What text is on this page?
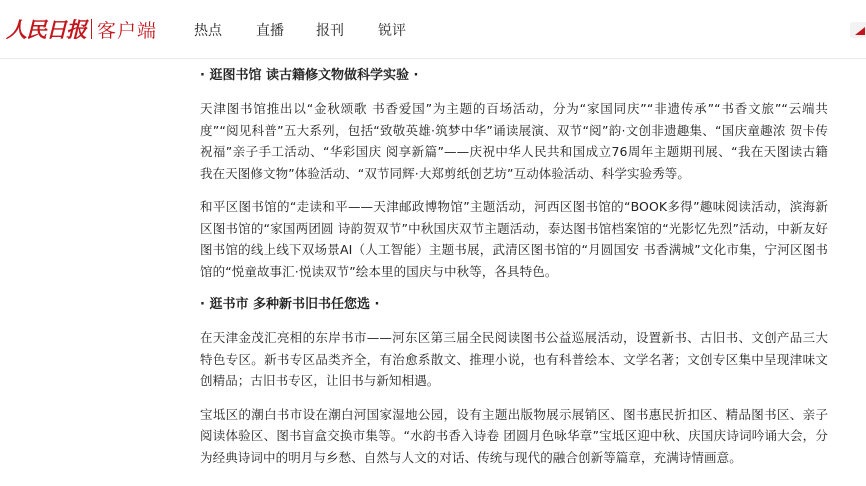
人民日报 客户端	热点 直播 报刊 锐评
· 逛图书馆 读古籍修文物做科学实验 ·

天津图书馆推出以“金秋颂歌 书香爱国”为主题的百场活动，分为“家国同庆”“非遗传承”“书香文旅”“云端共度”“阅见科普”五大系列，包括“致敬英雄·筑梦中华”诵读展演、双节“阅”韵·文创非遗趣集、“国庆童趣浓 贺卡传祝福”亲子手工活动、“华彩国庆 阅享新篇”——庆祝中华人民共和国成立76周年主题期刊展、“我在天图读古籍 我在天图修文物”体验活动、“双节同辉·大郑剪纸创艺坊”互动体验活动、科学实验秀等。

和平区图书馆的“走读和平——天津邮政博物馆”主题活动，河西区图书馆的“BOOK多得”趣味阅读活动，滨海新区图书馆的“家国两团圆 诗韵贺双节”中秋国庆双节主题活动，泰达图书馆档案馆的“光影忆先烈”活动，中新友好图书馆的线上线下双场景AI（人工智能）主题书展，武清区图书馆的“月圆国安 书香满城”文化市集，宁河区图书馆的“悦童故事汇·悦读双节”绘本里的国庆与中秋等，各具特色。

· 逛书市 多种新书旧书任您选 ·

在天津金茂汇亮相的东岸书市——河东区第三届全民阅读图书公益巡展活动，设置新书、古旧书、文创产品三大特色专区。新书专区品类齐全，有治愈系散文、推理小说，也有科普绘本、文学名著；文创专区集中呈现津味文创精品；古旧书专区，让旧书与新知相遇。

宝坻区的潮白书市设在潮白河国家湿地公园，设有主题出版物展示展销区、图书惠民折扣区、精品图书区、亲子阅读体验区、图书盲盒交换市集等。“水韵书香入诗卷 团圆月色咏华章”宝坻区迎中秋、庆国庆诗词吟诵大会，分为经典诗词中的明月与乡愁、自然与人文的对话、传统与现代的融合创新等篇章，充满诗情画意。
